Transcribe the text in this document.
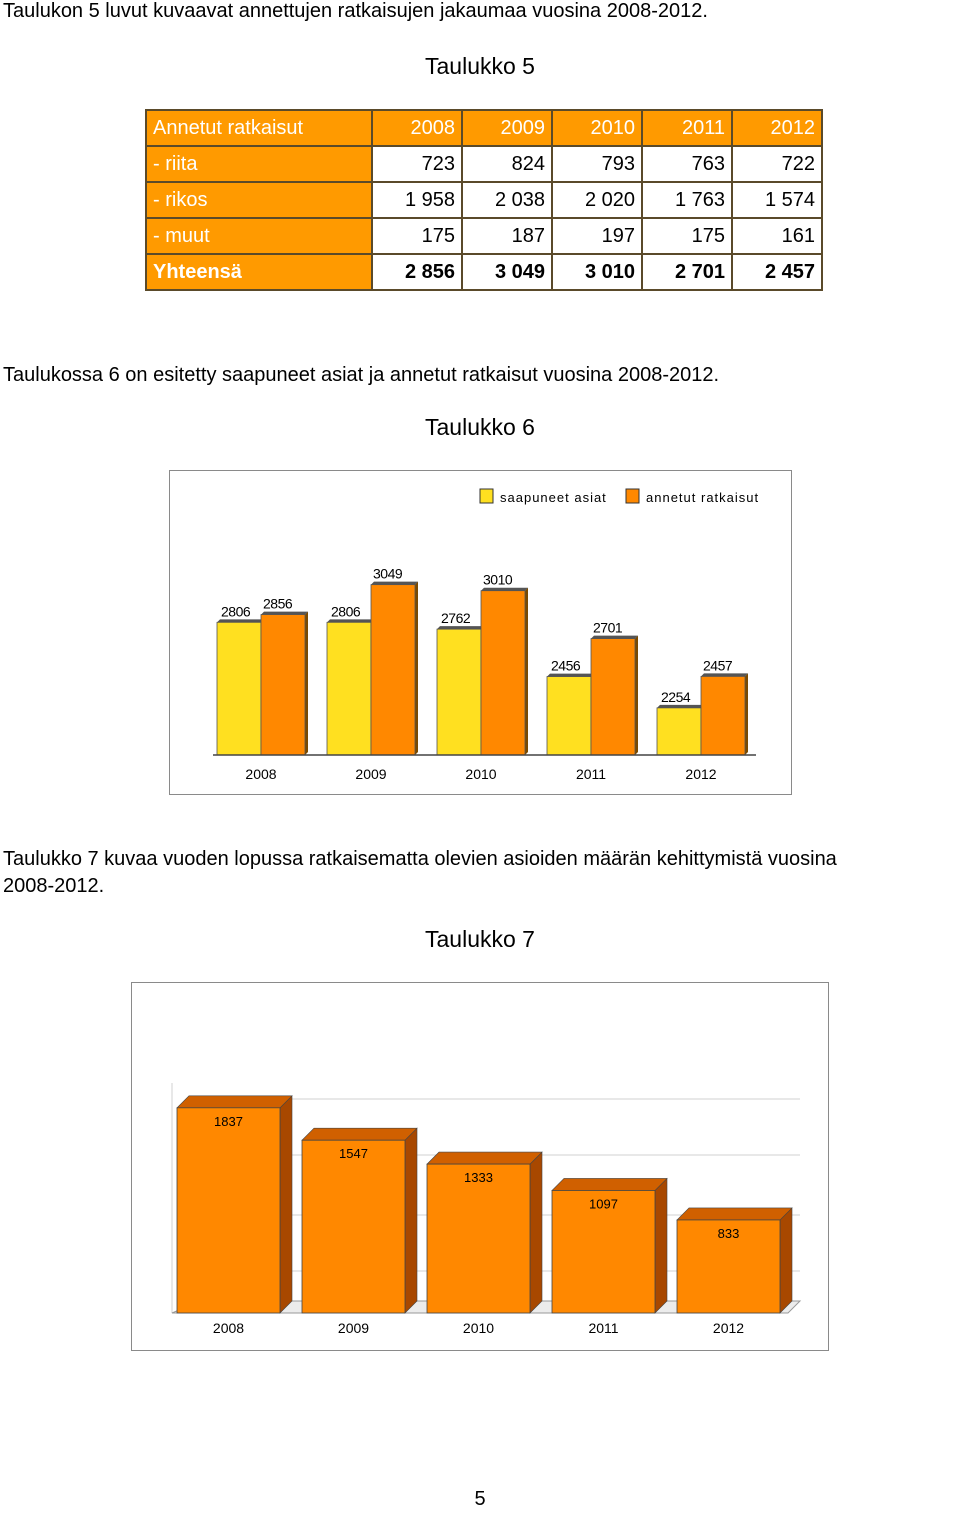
Taulukon 5 luvut kuvaavat annettujen ratkaisujen jakaumaa vuosina 2008-2012.
Taulukko 5
Annetut ratkaisut	2008	2009	2010	2011	2012
- riita	723	824	793	763	722
- rikos	1 958	2 038	2 020	1 763	1 574
- muut	175	187	197	175	161
Yhteensä	2 856	3 049	3 010	2 701	2 457
Taulukossa 6 on esitetty saapuneet asiat ja annetut ratkaisut vuosina 2008-2012.
Taulukko 6
saapuneet asiat	annetut ratkaisut
2806 2856
2008
2806
3049
2009
2762
3010
2010
2456
2701
2011
2254
2457
2012
Taulukko 7 kuvaa vuoden lopussa ratkaisematta olevien asioiden määrän kehittymistä vuosina
2008-2012.
Taulukko 7
1837
2008
1547
2009
1333
2010
1097
2011
833
2012
5
